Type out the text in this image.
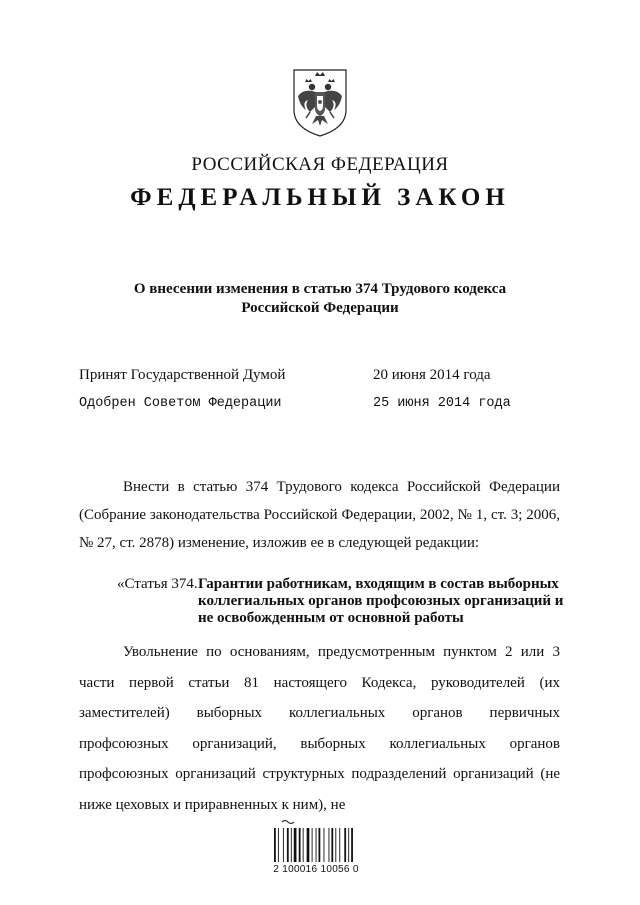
РОССИЙСКАЯ ФЕДЕРАЦИЯ
ФЕДЕРАЛЬНЫЙ ЗАКОН
О внесении изменения в статью 374 Трудового кодекса Российской Федерации
Принят Государственной Думой	20 июня 2014 года
Одобрен Советом Федерации	25 июня 2014 года
Внести в статью 374 Трудового кодекса Российской Федерации (Собрание законодательства Российской Федерации, 2002, № 1, ст. 3; 2006, № 27, ст. 2878) изменение, изложив ее в следующей редакции:
«Статья 374. Гарантии работникам, входящим в состав выборных коллегиальных органов профсоюзных организаций и не освобожденным от основной работы
Увольнение по основаниям, предусмотренным пунктом 2 или 3 части первой статьи 81 настоящего Кодекса, руководителей (их заместителей) выборных коллегиальных органов первичных профсоюзных организаций, выборных коллегиальных органов профсоюзных организаций структурных подразделений организаций (не ниже цеховых и приравненных к ним), не
2 100016 10056 0
